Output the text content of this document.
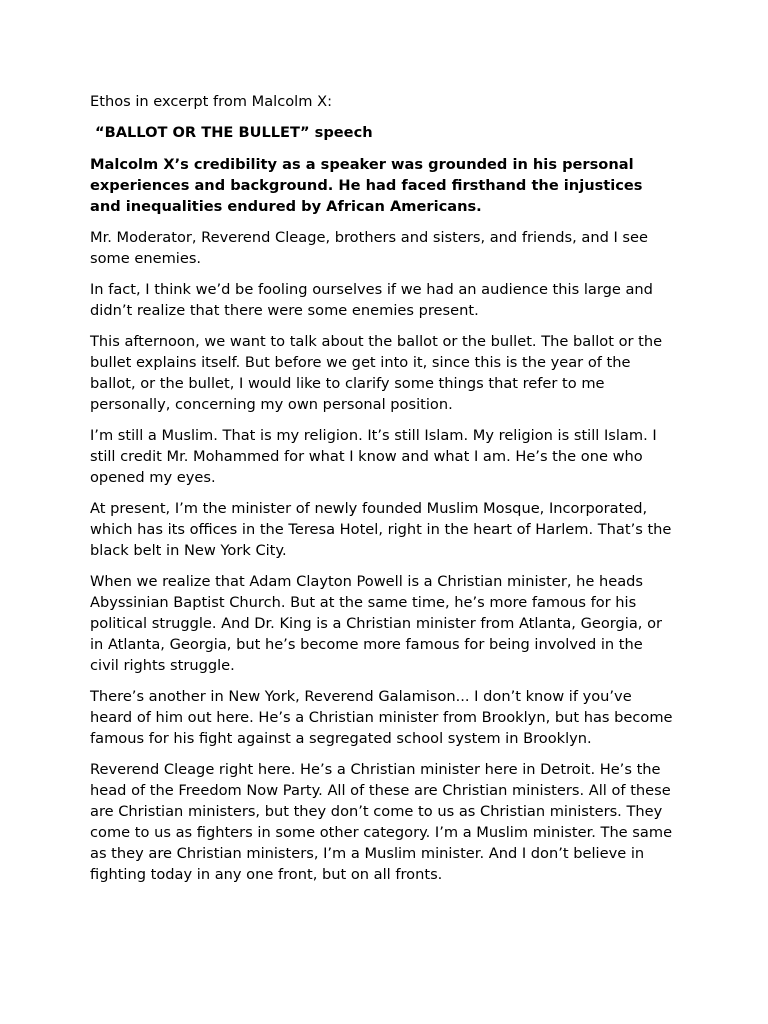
Ethos in excerpt from Malcolm X:

“BALLOT OR THE BULLET” speech

Malcolm X’s credibility as a speaker was grounded in his personal experiences and background. He had faced firsthand the injustices and inequalities endured by African Americans.

Mr. Moderator, Reverend Cleage, brothers and sisters, and friends, and I see some enemies.

In fact, I think we’d be fooling ourselves if we had an audience this large and didn’t realize that there were some enemies present.

This afternoon, we want to talk about the ballot or the bullet. The ballot or the bullet explains itself. But before we get into it, since this is the year of the ballot, or the bullet, I would like to clarify some things that refer to me personally, concerning my own personal position.

I’m still a Muslim. That is my religion. It’s still Islam. My religion is still Islam. I still credit Mr. Mohammed for what I know and what I am. He’s the one who opened my eyes.

At present, I’m the minister of newly founded Muslim Mosque, Incorporated, which has its offices in the Teresa Hotel, right in the heart of Harlem. That’s the black belt in New York City.

When we realize that Adam Clayton Powell is a Christian minister, he heads Abyssinian Baptist Church. But at the same time, he’s more famous for his political struggle. And Dr. King is a Christian minister from Atlanta, Georgia, or in Atlanta, Georgia, but he’s become more famous for being involved in the civil rights struggle.

There’s another in New York, Reverend Galamison... I don’t know if you’ve heard of him out here. He’s a Christian minister from Brooklyn, but has become famous for his fight against a segregated school system in Brooklyn.

Reverend Cleage right here. He’s a Christian minister here in Detroit. He’s the head of the Freedom Now Party. All of these are Christian ministers. All of these are Christian ministers, but they don’t come to us as Christian ministers. They come to us as fighters in some other category. I’m a Muslim minister. The same as they are Christian ministers, I’m a Muslim minister. And I don’t believe in fighting today in any one front, but on all fronts.
